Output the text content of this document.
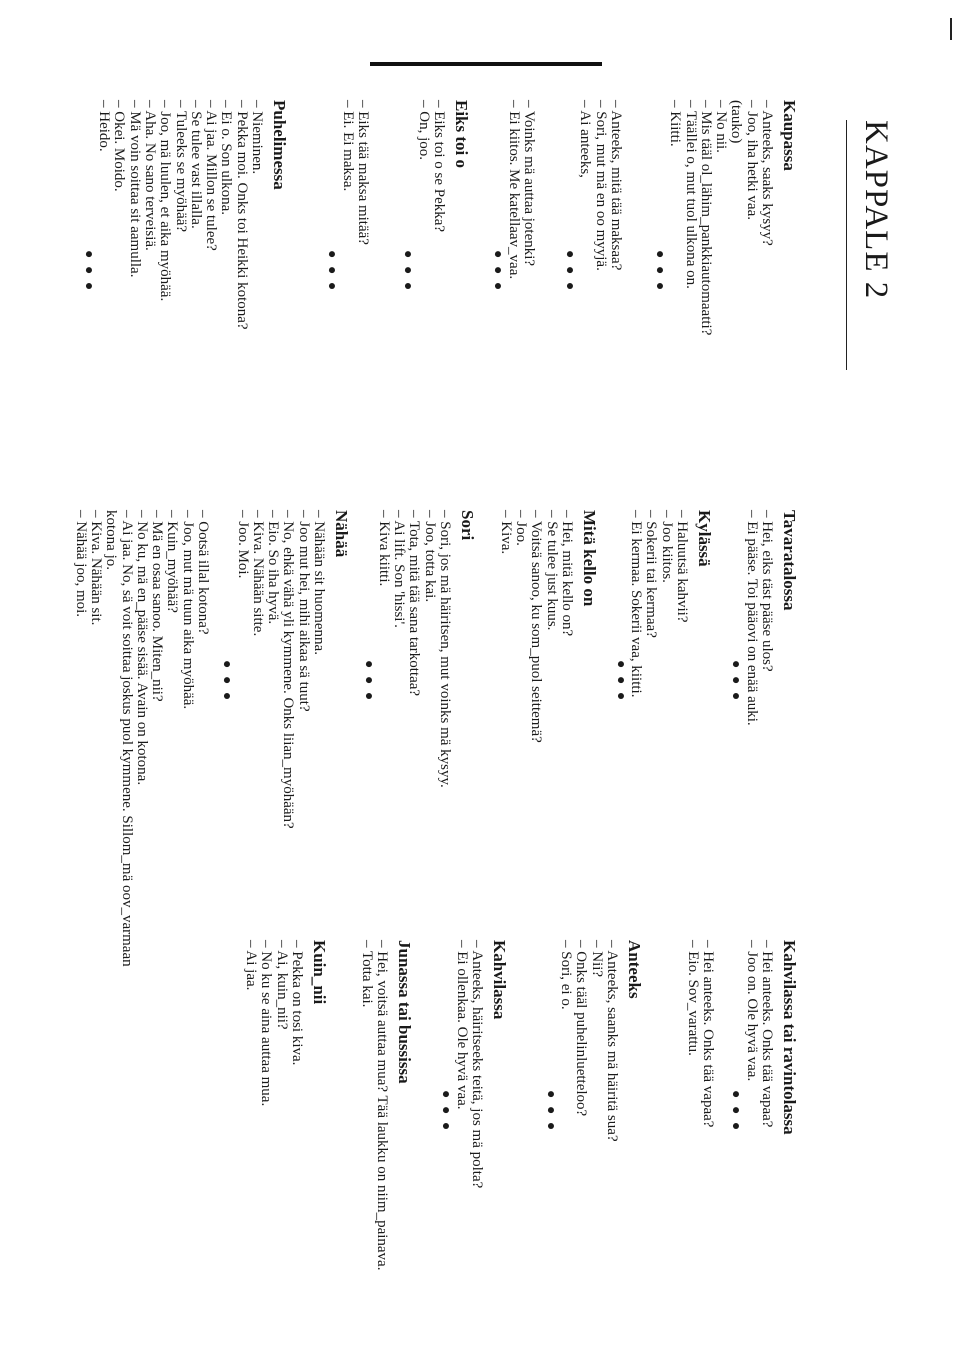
KAPPALE 2
Kaupassa
– Anteeks, saaks kysyy?
– Joo, iha hetki vaa.
(tauko)
– No nii.
– Mis tääl ol_lähim_pankkiautomaatti?
– Täällei o, mut tuol ulkona on.
– Kiitti.
● ● ●
– Anteeks, mitä tää maksaa?
– Sori, mut mä en oo myyjä.
– Ai anteeks,
● ● ●
– Voinks mä auttaa jotenki?
– Ei kiitos. Me katellaav_vaa.
● ● ●
Eiks toi o
– Eiks toi o se Pekka?
– On, joo.
● ● ●
– Eiks tää maksa mitää?
– Ei. Ei maksa.
● ● ●
Puhelimessa
– Nieminen.
– Pekka moi. Onks toi Heikki kotona?
– Ei o. Son ulkona.
– Ai jaa. Millon se tulee?
– Se tulee vast illalla.
– Tuleeks se myöhää?
– Joo, mä luulen, et aika myöhää.
– Aha. No sano terveisiä.
– Mä voin soittaa sit aamulla.
– Okei. Moido.
– Heido.
● ● ●
Tavaratalossa
– Hei, eiks täst pääse ulos?
– Ei pääse. Toi pääovi on enää auki.
● ● ●
Kylässä
– Haluutsä kahvii?
– Joo kiitos.
– Sokerii tai kermaa?
– Ei kermaa. Sokerii vaa, kiitti.
● ● ●
Mitä kello on
– Hei, mitä kello on?
– Se tulee just kuus.
– Voitsä sanoo, ku som_puol seittemä?
– Joo.
– Kiva.
Sori
– Sori, jos mä häiritsen, mut voinks mä kysyy.
– Joo, totta kai.
– Tota, mitä tää sana tarkottaa?
– Ai lift. Son 'hissi'.
– Kiva kiitti.
● ● ●
Nähää
– Nähään sit huomenna.
– Joo mut hei, mihi aikaa sä tuut?
– No, ehkä vähä yli kymmene. Onks liian_myöhään?
– Eio. So iha hyvä.
– Kiva. Nähään sitte.
– Joo. Moi.
● ● ●
– Ootsä illal kotona?
– Joo, mut mä tuun aika myöhää.
– Kuin_myöhää?
– Mä en osaa sanoo. Miten_nii?
– No ku, mä en_pääse sisää. Avain on kotona.
– Ai jaa. No, sä voit soittaa joskus puol kymmene. Sillom_mä oov_varmaan
kotona jo.
– Kiva. Nähään sit.
– Nähää joo, moi.
Kahvilassa tai ravintolassa
– Hei anteeks. Onks tää vapaa?
– Joo on. Ole hyvä vaa.
● ● ●
– Hei anteeks. Onks tää vapaa?
– Eio. Sov_varattu.
Anteeks
– Anteeks, saanks mä häiritä sua?
– Nii?
– Onks tääl puhelinluetteloo?
– Sori, ei o.
● ● ●
Kahvilassa
– Anteeks, häiritseeks teitä, jos mä polta?
– Ei ollenkaa. Ole hyvä vaa.
● ● ●
Junassa tai bussissa
– Hei, voitsä auttaa mua? Tää laukku on niim_painava.
– Totta kai.
Kuin_nii
– Pekka on tosi kiva.
– Ai, kuin_nii?
– No ku se aina auttaa mua.
– Ai jaa.
